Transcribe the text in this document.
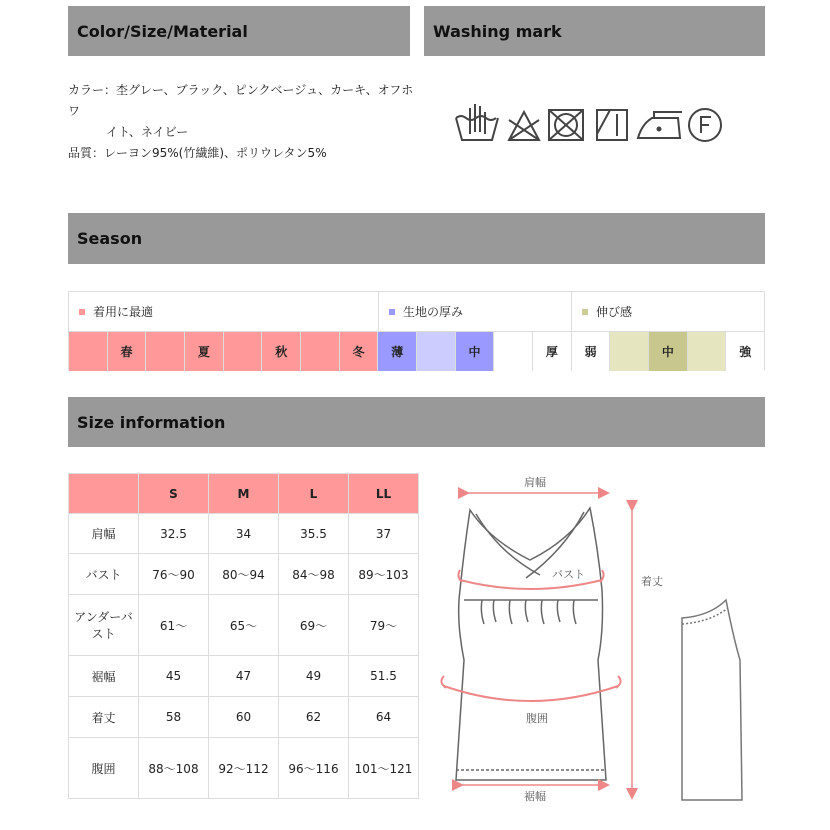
Color/Size/Material	Washing mark
カラー：杢グレー、ブラック、ピンクベージュ、カーキ、オフホワ
イト、ネイビー
品質：レーヨン95%(竹繊維)、ポリウレタン5%
Season
着用に最適	生地の厚み	伸び感
春	夏	秋	冬	薄	中	厚	弱	中	強
Size information
	S	M	L	LL
肩幅	32.5	34	35.5	37
バスト	76〜90	80〜94	84〜98	89〜103
アンダーバスト	61〜	65〜	69〜	79〜
裾幅	45	47	49	51.5
着丈	58	60	62	64
腹囲	88〜108	92〜112	96〜116	101〜121
肩幅
着丈
バスト
腹囲
裾幅
